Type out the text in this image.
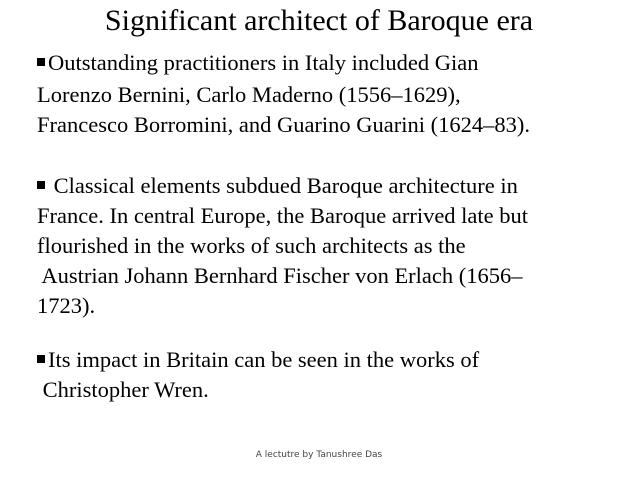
Significant architect of Baroque era
Outstanding practitioners in Italy included Gian
Lorenzo Bernini, Carlo Maderno (1556–1629),
Francesco Borromini, and Guarino Guarini (1624–83).
Classical elements subdued Baroque architecture in
France. In central Europe, the Baroque arrived late but
flourished in the works of such architects as the
Austrian Johann Bernhard Fischer von Erlach (1656–
1723).
Its impact in Britain can be seen in the works of
Christopher Wren.
A lectutre by Tanushree Das
